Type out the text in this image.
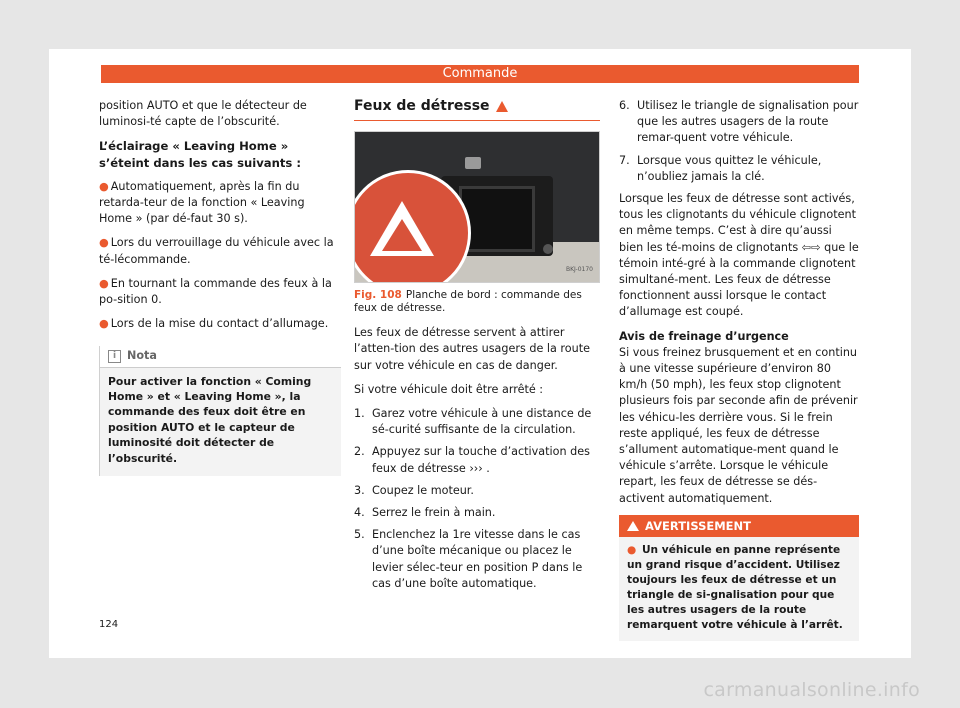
Commande

position AUTO et que le détecteur de luminosi-té capte de l’obscurité.

L’éclairage « Leaving Home » s’éteint dans les cas suivants :

● Automatiquement, après la fin du retarda-teur de la fonction « Leaving Home » (par dé-faut 30 s).

● Lors du verrouillage du véhicule avec la té-lécommande.

● En tournant la commande des feux à la po-sition 0.

● Lors de la mise du contact d’allumage.

i Nota
Pour activer la fonction « Coming Home » et « Leaving Home », la commande des feux doit être en position AUTO et le capteur de luminosité doit détecter de l’obscurité.
Feux de détresse
BKJ-0170
Fig. 108 Planche de bord : commande des feux de détresse.

Les feux de détresse servent à attirer l’atten-tion des autres usagers de la route sur votre véhicule en cas de danger.

Si votre véhicule doit être arrêté :

1. Garez votre véhicule à une distance de sé-curité suffisante de la circulation.
2. Appuyez sur la touche d’activation des feux de détresse ››› .
3. Coupez le moteur.
4. Serrez le frein à main.
5. Enclenchez la 1re vitesse dans le cas d’une boîte mécanique ou placez le levier sélec-teur en position P dans le cas d’une boîte automatique.
6. Utilisez le triangle de signalisation pour que les autres usagers de la route remar-quent votre véhicule.
7. Lorsque vous quittez le véhicule, n’oubliez jamais la clé.

Lorsque les feux de détresse sont activés, tous les clignotants du véhicule clignotent en même temps. C’est à dire qu’aussi bien les té-moins de clignotants ⇦⇨ que le témoin inté-gré à la commande clignotent simultané-ment. Les feux de détresse fonctionnent aussi lorsque le contact d’allumage est coupé.

Avis de freinage d’urgence

Si vous freinez brusquement et en continu à une vitesse supérieure d’environ 80 km/h (50 mph), les feux stop clignotent plusieurs fois par seconde afin de prévenir les véhicu-les derrière vous. Si le frein reste appliqué, les feux de détresse s’allument automatique-ment quand le véhicule s’arrête. Lorsque le véhicule repart, les feux de détresse se dés-activent automatiquement.

AVERTISSEMENT
● Un véhicule en panne représente un grand risque d’accident. Utilisez toujours les feux de détresse et un triangle de si-gnalisation pour que les autres usagers de la route remarquent votre véhicule à l’arrêt.
124
carmanualsonline.info
